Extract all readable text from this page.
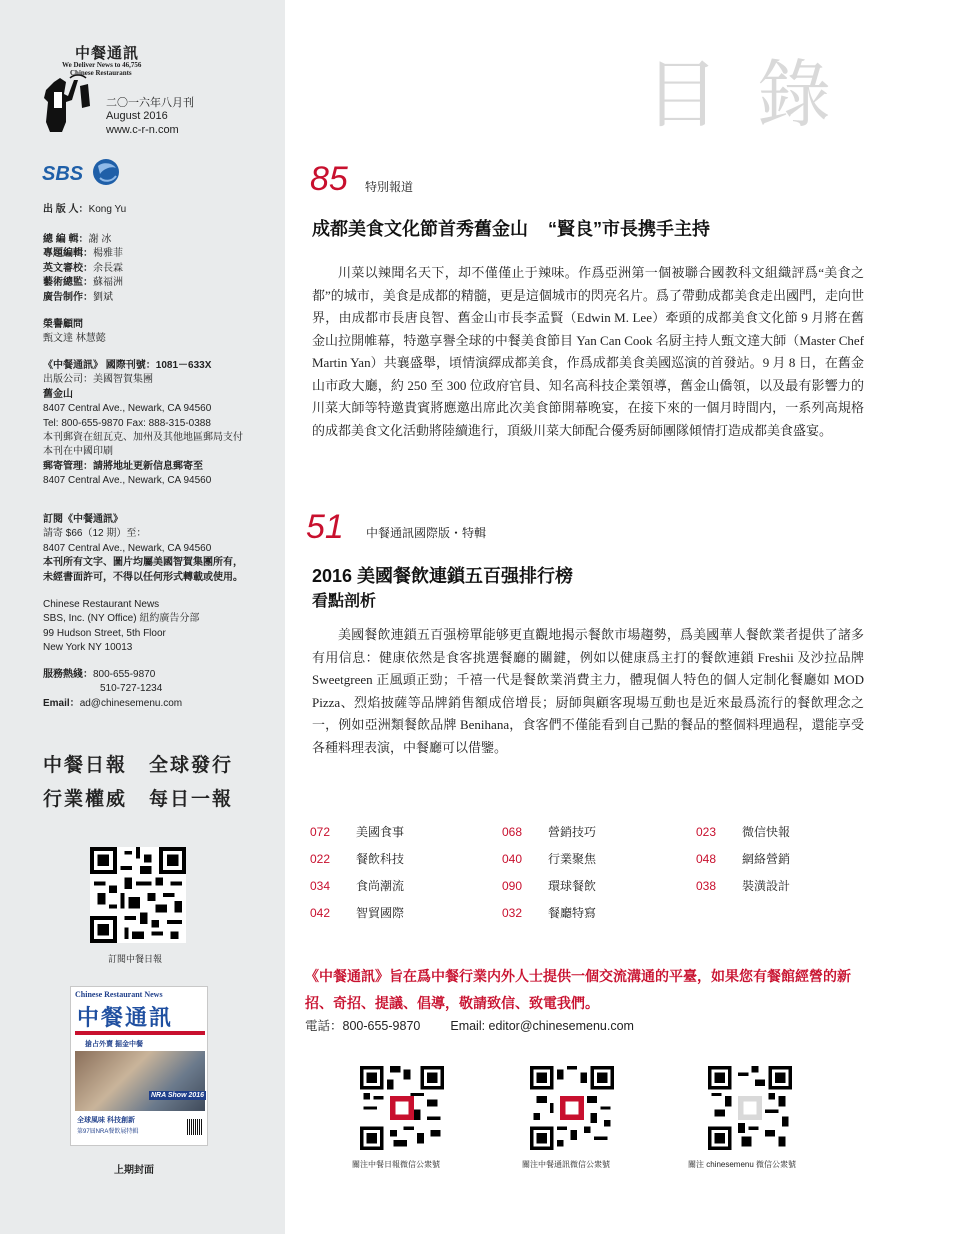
中餐通訊
We Deliver News to 46,756
Chinese Restaurants
二〇一六年八月刊
August 2016
www.c-r-n.com
SBS
出 版 人：Kong Yu
總 編 輯：謝 冰
專題編輯：楊雅菲
英文審校：余長霖
藝術總監：蘇福洲
廣告制作：劉斌
榮譽顧問
甄文達 林慧懿
《中餐通訊》 國際刊號：1081－633X
出版公司：美國智賀集團
舊金山
8407 Central Ave., Newark, CA 94560
Tel: 800-655-9870 Fax: 888-315-0388
本刊郵資在紐瓦克、加州及其他地區郵局支付
本刊在中國印刷
郵寄管理：請將地址更新信息郵寄至
8407 Central Ave., Newark, CA 94560
訂閱《中餐通訊》
請寄 $66（12 期）至：
8407 Central Ave., Newark, CA 94560
本刊所有文字、圖片均屬美國智賀集團所有， 未經書面許可，不得以任何形式轉載或使用。
Chinese Restaurant News
SBS, Inc. (NY Office) 紐約廣告分部
99 Hudson Street, 5th Floor
New York NY 10013
服務熱綫：800-655-9870
510-727-1234
Email：ad@chinesemenu.com
中餐日報 全球發行
行業權威 每日一報
訂閱中餐日報
Chinese Restaurant News
中餐通訊
搶占外賣 掘金中餐
NRA Show 2016
全球風味 科技創新
第97屆NRA餐飲展特輯
上期封面
目錄
85 特別報道
成都美食文化節首秀舊金山    “賢良”市長携手主持
川菜以辣聞名天下，却不僅僅止于辣味。作爲亞洲第一個被聯合國教科文組織評爲“美食之都”的城市，美食是成都的精髓，更是這個城市的閃亮名片。爲了帶動成都美食走出國門，走向世界，由成都市長唐良智、舊金山市長李孟賢（Edwin M. Lee）牽頭的成都美食文化節 9 月將在舊金山拉開帷幕，特邀享譽全球的中餐美食節目 Yan Can Cook 名厨主持人甄文達大師（Master Chef Martin Yan）共襄盛舉，頃情演繹成都美食，作爲成都美食美國巡演的首發站。9 月 8 日，在舊金山市政大廳，約 250 至 300 位政府官員、知名高科技企業領導，舊金山僑領，以及最有影響力的川菜大師等特邀貴賓將應邀出席此次美食節開幕晚宴，在接下來的一個月時間内，一系列高規格的成都美食文化活動將陸續進行，頂級川菜大師配合優秀厨師團隊傾情打造成都美食盛宴。
51 中餐通訊國際版・特輯
2016 美國餐飲連鎖五百强排行榜
看點剖析
美國餐飲連鎖五百强榜單能够更直觀地揭示餐飲市場趨勢，爲美國華人餐飲業者提供了諸多有用信息：健康依然是食客挑選餐廳的關鍵，例如以健康爲主打的餐飲連鎖 Freshii 及沙拉品牌 Sweetgreen 正風頭正勁；千禧一代是餐飲業消費主力，體現個人特色的個人定制化餐廳如 MOD Pizza、烈焰披薩等品牌銷售額成倍增長；厨師與顧客現場互動也是近來最爲流行的餐飲理念之一，例如亞洲類餐飲品牌 Benihana，食客們不僅能看到自己點的餐品的整個料理過程，還能享受各種料理表演，中餐廳可以借鑒。
072 美國食事
022 餐飲科技
034 食尚潮流
042 智貿國際
068 營銷技巧
040 行業聚焦
090 環球餐飲
032 餐廳特寫
023 微信快報
048 網絡營銷
038 裝潢設計
《中餐通訊》旨在爲中餐行業内外人士提供一個交流溝通的平臺，如果您有餐館經營的新招、奇招、提議、倡導，敬請致信、致電我們。
電話：800-655-9870 Email: editor@chinesemenu.com
關注中餐日報微信公衆號	關注中餐通訊微信公衆號	關注 chinesemenu 微信公衆號
